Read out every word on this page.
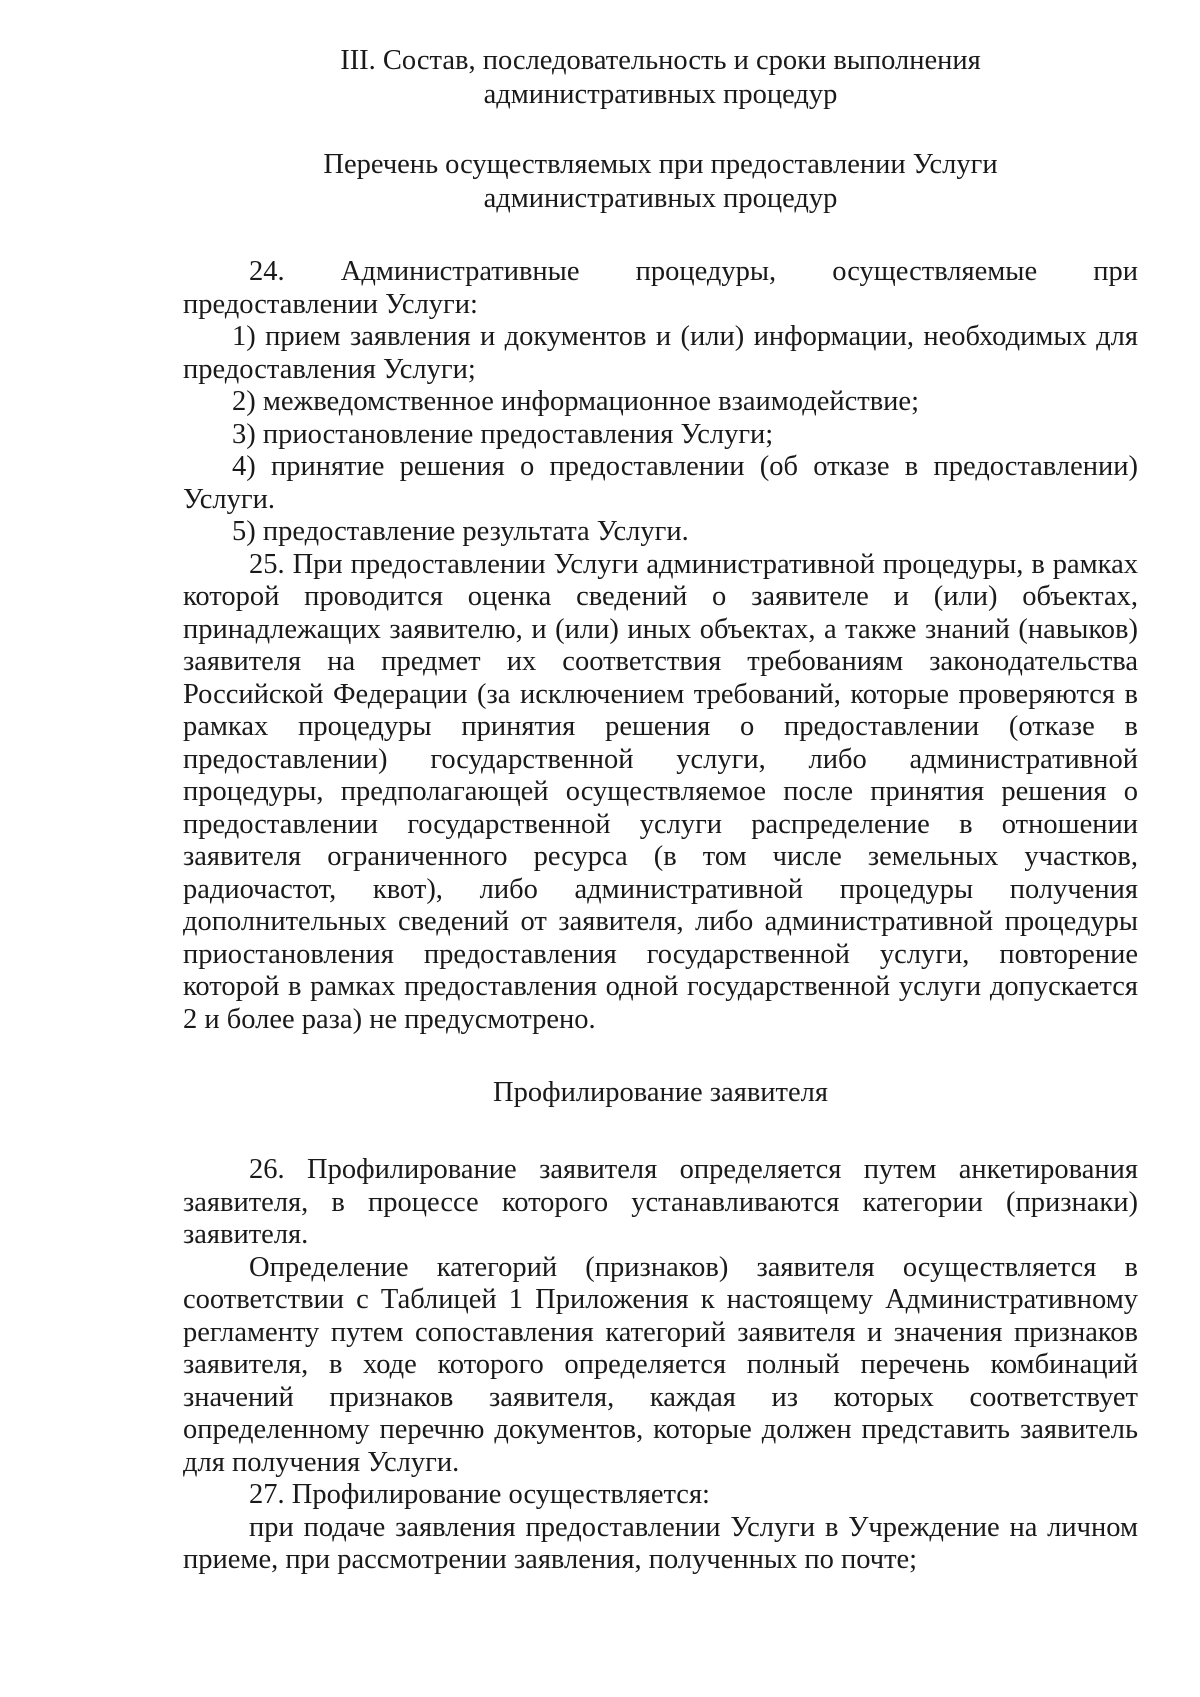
III. Состав, последовательность и сроки выполнения
административных процедур
Перечень осуществляемых при предоставлении Услуги
административных процедур

24. Административные процедуры, осуществляемые при предоставлении Услуги:

1) прием заявления и документов и (или) информации, необходимых для предоставления Услуги;

2) межведомственное информационное взаимодействие;

3) приостановление предоставления Услуги;

4) принятие решения о предоставлении (об отказе в предоставлении) Услуги.

5) предоставление результата Услуги.

25. При предоставлении Услуги административной процедуры, в рамках которой проводится оценка сведений о заявителе и (или) объектах, принадлежащих заявителю, и (или) иных объектах, а также знаний (навыков) заявителя на предмет их соответствия требованиям законодательства Российской Федерации (за исключением требований, которые проверяются в рамках процедуры принятия решения о предоставлении (отказе в предоставлении) государственной услуги, либо административной процедуры, предполагающей осуществляемое после принятия решения о предоставлении государственной услуги распределение в отношении заявителя ограниченного ресурса (в том числе земельных участков, радиочастот, квот), либо административной процедуры получения дополнительных сведений от заявителя, либо административной процедуры приостановления предоставления государственной услуги, повторение которой в рамках предоставления одной государственной услуги допускается 2 и более раза) не предусмотрено.

Профилирование заявителя

26. Профилирование заявителя определяется путем анкетирования заявителя, в процессе которого устанавливаются категории (признаки) заявителя.

Определение категорий (признаков) заявителя осуществляется в соответствии с Таблицей 1 Приложения к настоящему Административному регламенту путем сопоставления категорий заявителя и значения признаков заявителя, в ходе которого определяется полный перечень комбинаций значений признаков заявителя, каждая из которых соответствует определенному перечню документов, которые должен представить заявитель для получения Услуги.

27. Профилирование осуществляется:

при подаче заявления предоставлении Услуги в Учреждение на личном приеме, при рассмотрении заявления, полученных по почте;
